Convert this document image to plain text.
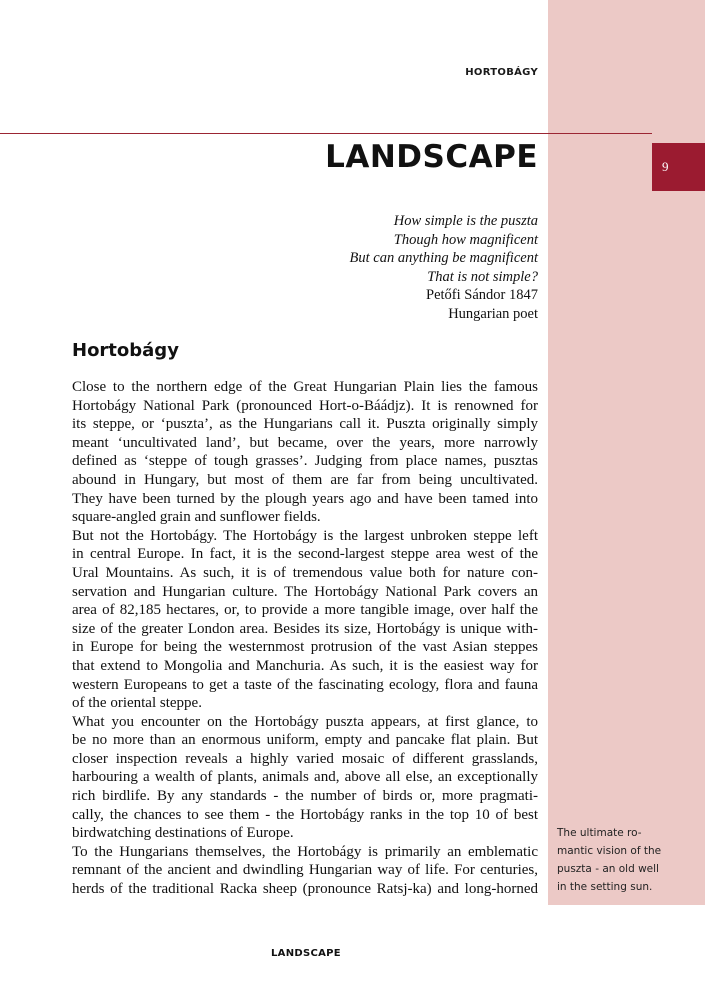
HORTOBÁGY
9
LANDSCAPE
How simple is the puszta
Though how magnificent
But can anything be magnificent
That is not simple?
Petőfi Sándor 1847
Hungarian poet
Hortobágy
Close to the northern edge of the Great Hungarian Plain lies the famous
Hortobágy National Park (pronounced Hort-o-Báádjz). It is renowned for
its steppe, or ‘puszta’, as the Hungarians call it. Puszta originally simply
meant ‘uncultivated land’, but became, over the years, more narrowly
defined as ‘steppe of tough grasses’. Judging from place names, pusztas
abound in Hungary, but most of them are far from being uncultivated.
They have been turned by the plough years ago and have been tamed into
square-angled grain and sunflower fields.
But not the Hortobágy. The Hortobágy is the largest unbroken steppe left
in central Europe. In fact, it is the second-largest steppe area west of the
Ural Mountains. As such, it is of tremendous value both for nature con-
servation and Hungarian culture. The Hortobágy National Park covers an
area of 82,185 hectares, or, to provide a more tangible image, over half the
size of the greater London area. Besides its size, Hortobágy is unique with-
in Europe for being the westernmost protrusion of the vast Asian steppes
that extend to Mongolia and Manchuria. As such, it is the easiest way for
western Europeans to get a taste of the fascinating ecology, flora and fauna
of the oriental steppe.
What you encounter on the Hortobágy puszta appears, at first glance, to
be no more than an enormous uniform, empty and pancake flat plain. But
closer inspection reveals a highly varied mosaic of different grasslands,
harbouring a wealth of plants, animals and, above all else, an exceptionally
rich birdlife. By any standards - the number of birds or, more pragmati-
cally, the chances to see them - the Hortobágy ranks in the top 10 of best
birdwatching destinations of Europe.
To the Hungarians themselves, the Hortobágy is primarily an emblematic
remnant of the ancient and dwindling Hungarian way of life. For centuries,
herds of the traditional Racka sheep (pronounce Ratsj-ka) and long-horned
The ultimate ro-
mantic vision of the
puszta - an old well
in the setting sun.
LANDSCAPE
